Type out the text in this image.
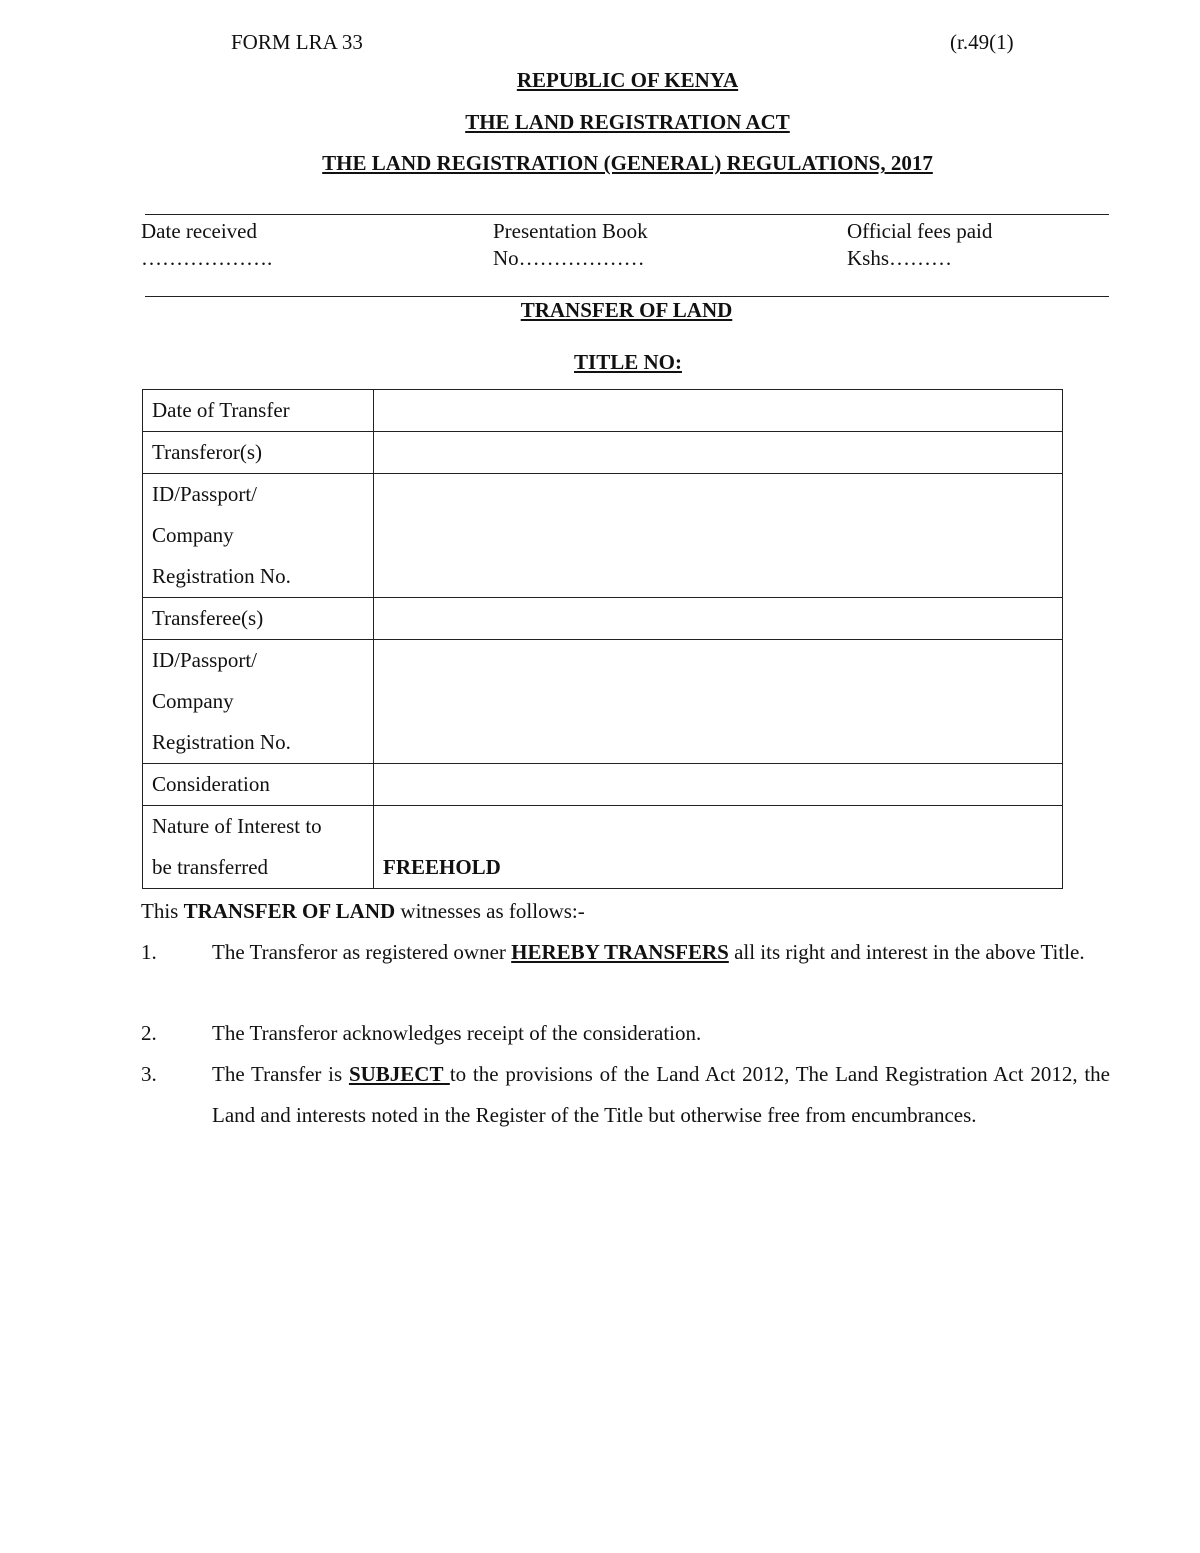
FORM LRA 33	(r.49(1)
REPUBLIC OF KENYA
THE LAND REGISTRATION ACT
THE LAND REGISTRATION (GENERAL) REGULATIONS, 2017
Date received
……………….
Presentation Book
No………………
Official fees paid
Kshs………
TRANSFER OF LAND
TITLE NO:
Date of Transfer	
Transferor(s)	

ID/Passport/
Company
Registration No.	

Transferee(s)	

ID/Passport/
Company
Registration No.	

Consideration	

Nature of Interest to
be transferred	FREEHOLD
This TRANSFER OF LAND witnesses as follows:-
1.	The Transferor as registered owner HEREBY TRANSFERS all its right and interest in the above Title.
2.	The Transferor acknowledges receipt of the consideration.
3.	The Transfer is SUBJECT to the provisions of the Land Act 2012, The Land Registration Act 2012, the Land and interests noted in the Register of the Title but otherwise free from encumbrances.
